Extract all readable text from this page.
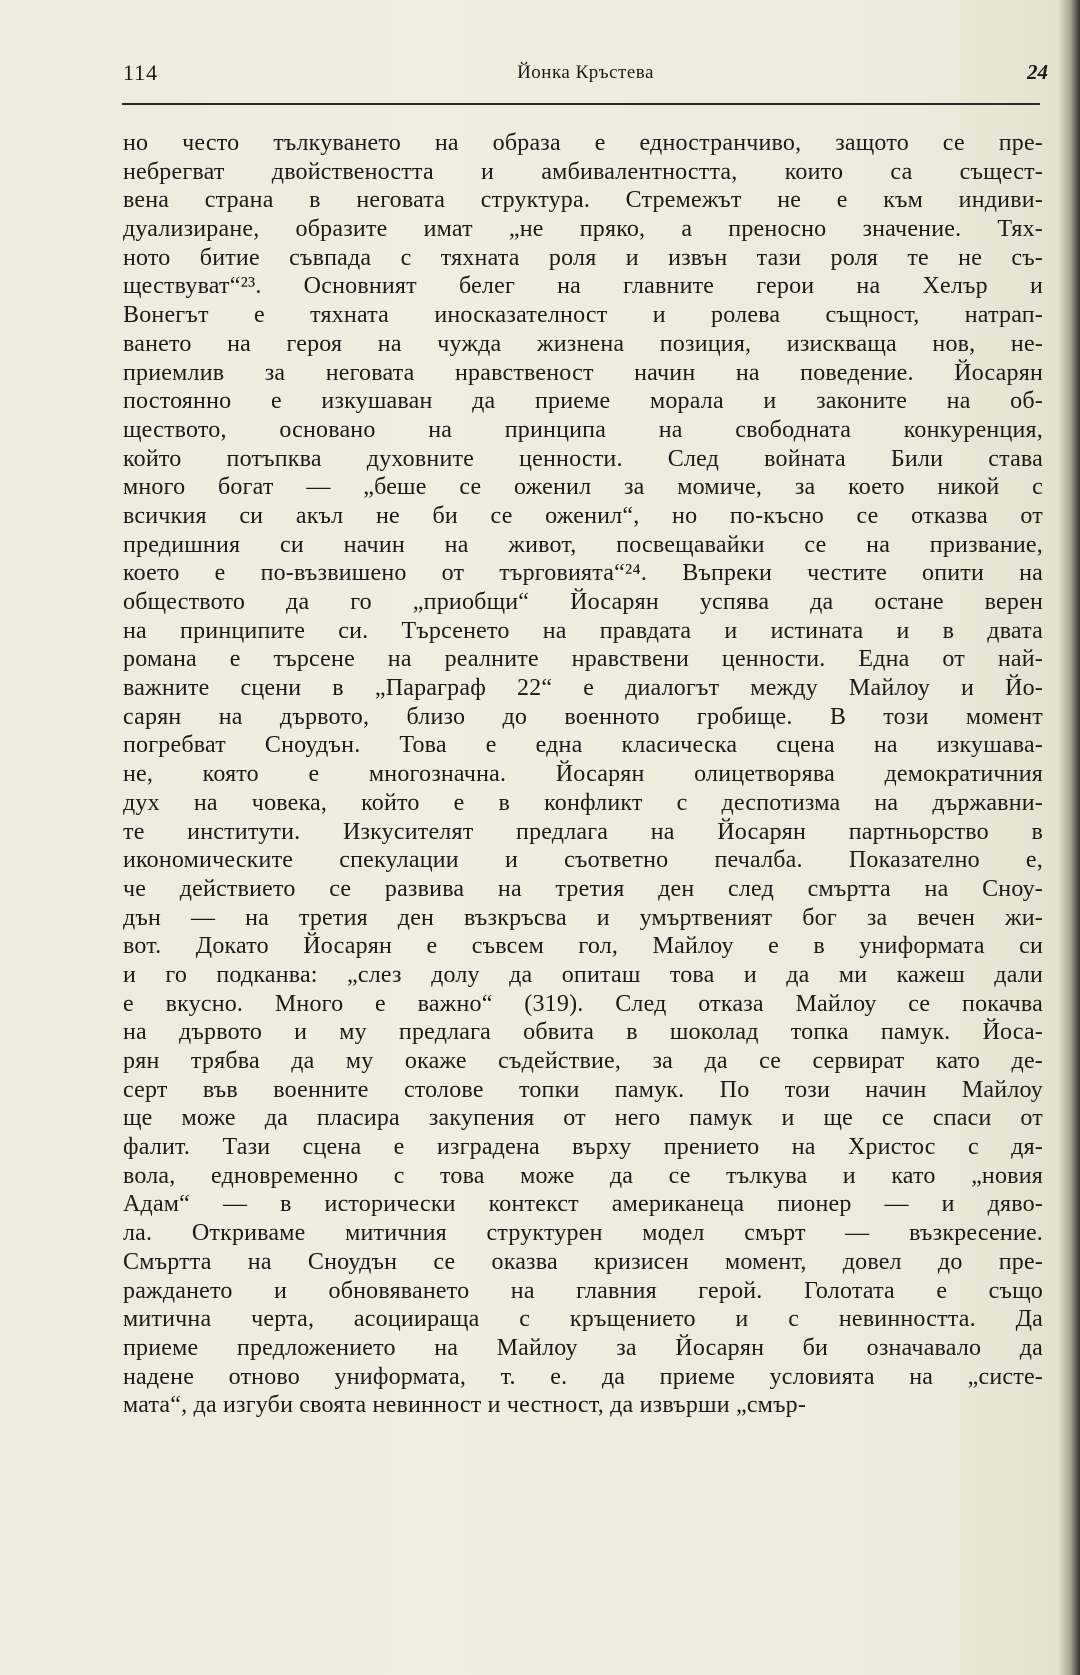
114	Йонка Кръстева	24
но често тълкуването на образа е едностранчиво, защото се пре-
небрегват двойствеността и амбивалентността, които са същест-
вена страна в неговата структура. Стремежът не е към индиви-
дуализиране, образите имат „не пряко, а преносно значение. Тях-
ното битие съвпада с тяхната роля и извън тази роля те не съ-
ществуват“²³. Основният белег на главните герои на Хелър и
Вонегът е тяхната иносказателност и ролева същност, натрап-
ването на героя на чужда жизнена позиция, изискваща нов, не-
приемлив за неговата нравственост начин на поведение. Йосарян
постоянно е изкушаван да приеме морала и законите на об-
ществото, основано на принципа на свободната конкуренция,
който потъпква духовните ценности. След войната Били става
много богат — „беше се оженил за момиче, за което никой с
всичкия си акъл не би се оженил“, но по-късно се отказва от
предишния си начин на живот, посвещавайки се на призвание,
което е по-възвишено от търговията“²⁴. Въпреки честите опити на
обществото да го „приобщи“ Йосарян успява да остане верен
на принципите си. Търсенето на правдата и истината и в двата
романа е търсене на реалните нравствени ценности. Една от най-
важните сцени в „Параграф 22“ е диалогът между Майлоу и Йо-
сарян на дървото, близо до военното гробище. В този момент
погребват Сноудън. Това е една класическа сцена на изкушава-
не, която е многозначна. Йосарян олицетворява демократичния
дух на човека, който е в конфликт с деспотизма на държавни-
те институти. Изкусителят предлага на Йосарян партньорство в
икономическите спекулации и съответно печалба. Показателно е,
че действието се развива на третия ден след смъртта на Сноу-
дън — на третия ден възкръсва и умъртвеният бог за вечен жи-
вот. Докато Йосарян е съвсем гол, Майлоу е в униформата си
и го подканва: „слез долу да опиташ това и да ми кажеш дали
е вкусно. Много е важно“ (319). След отказа Майлоу се покачва
на дървото и му предлага обвита в шоколад топка памук. Йоса-
рян трябва да му окаже съдействие, за да се сервират като де-
серт във военните столове топки памук. По този начин Майлоу
ще може да пласира закупения от него памук и ще се спаси от
фалит. Тази сцена е изградена върху прението на Христос с дя-
вола, едновременно с това може да се тълкува и като „новия
Адам“ — в исторически контекст американеца пионер — и дяво-
ла. Откриваме митичния структурен модел смърт — възкресение.
Смъртта на Сноудън се оказва кризисен момент, довел до пре-
раждането и обновяването на главния герой. Голотата е също
митична черта, асоциираща с кръщението и с невинността. Да
приеме предложението на Майлоу за Йосарян би означавало да
надене отново униформата, т. е. да приеме условията на „систе-
мата“, да изгуби своята невинност и честност, да извърши „смър-
